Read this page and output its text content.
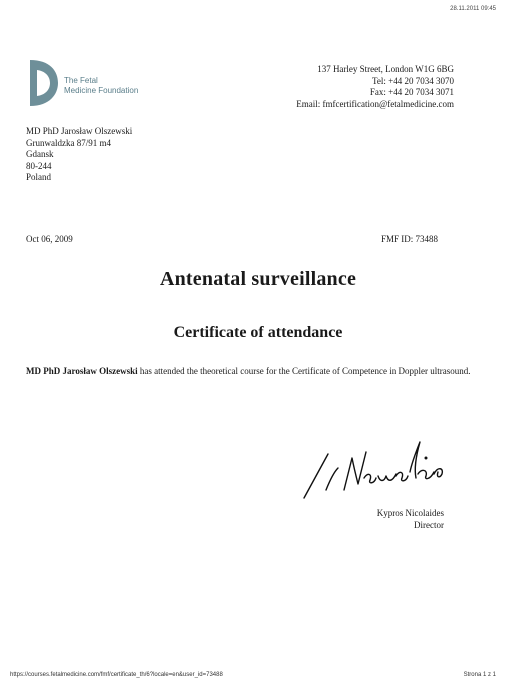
28.11.2011 09:45
The Fetal
Medicine Foundation
137 Harley Street, London W1G 6BG
Tel: +44 20 7034 3070
Fax: +44 20 7034 3071
Email: fmfcertification@fetalmedicine.com
MD PhD Jarosław Olszewski
Grunwaldzka 87/91 m4
Gdansk
80-244
Poland
Oct 06, 2009	FMF ID: 73488
Antenatal surveillance
Certificate of attendance
MD PhD Jarosław Olszewski has attended the theoretical course for the Certificate of Competence in Doppler ultrasound.
Kypros Nicolaides
Director
https://courses.fetalmedicine.com/fmf/certificate_th/6?locale=en&user_id=73488	Strona 1 z 1
